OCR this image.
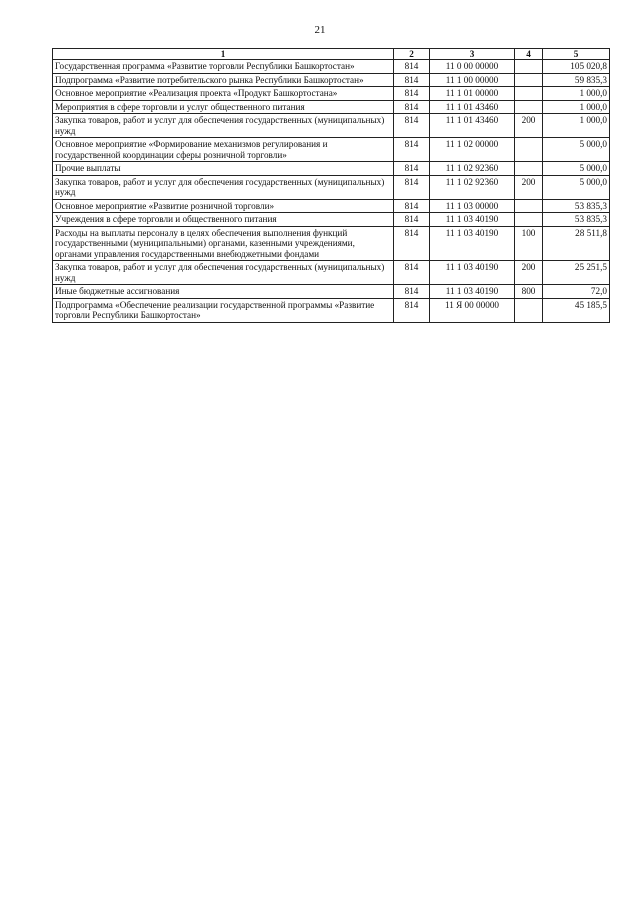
21
1	2	3	4	5
Государственная программа «Развитие торговли Республики Башкортостан»	814	11 0 00 00000		105 020,8
Подпрограмма «Развитие потребительского рынка Республики Башкортостан»	814	11 1 00 00000		59 835,3
Основное мероприятие «Реализация проекта «Продукт Башкортостана»	814	11 1 01 00000		1 000,0
Мероприятия в сфере торговли и услуг общественного питания	814	11 1 01 43460		1 000,0
Закупка товаров, работ и услуг для обеспечения государственных (муниципальных) нужд	814	11 1 01 43460	200	1 000,0
Основное мероприятие «Формирование механизмов регулирования и государственной координации сферы розничной торговли»	814	11 1 02 00000		5 000,0
Прочие выплаты	814	11 1 02 92360		5 000,0
Закупка товаров, работ и услуг для обеспечения государственных (муниципальных) нужд	814	11 1 02 92360	200	5 000,0
Основное мероприятие «Развитие розничной торговли»	814	11 1 03 00000		53 835,3
Учреждения в сфере торговли и общественного питания	814	11 1 03 40190		53 835,3
Расходы на выплаты персоналу в целях обеспечения выполнения функций государственными (муниципальными) органами, казенными учреждениями, органами управления государственными внебюджетными фондами	814	11 1 03 40190	100	28 511,8
Закупка товаров, работ и услуг для обеспечения государственных (муниципальных) нужд	814	11 1 03 40190	200	25 251,5
Иные бюджетные ассигнования	814	11 1 03 40190	800	72,0
Подпрограмма «Обеспечение реализации государственной программы «Развитие торговли Республики Башкортостан»	814	11 Я 00 00000		45 185,5
